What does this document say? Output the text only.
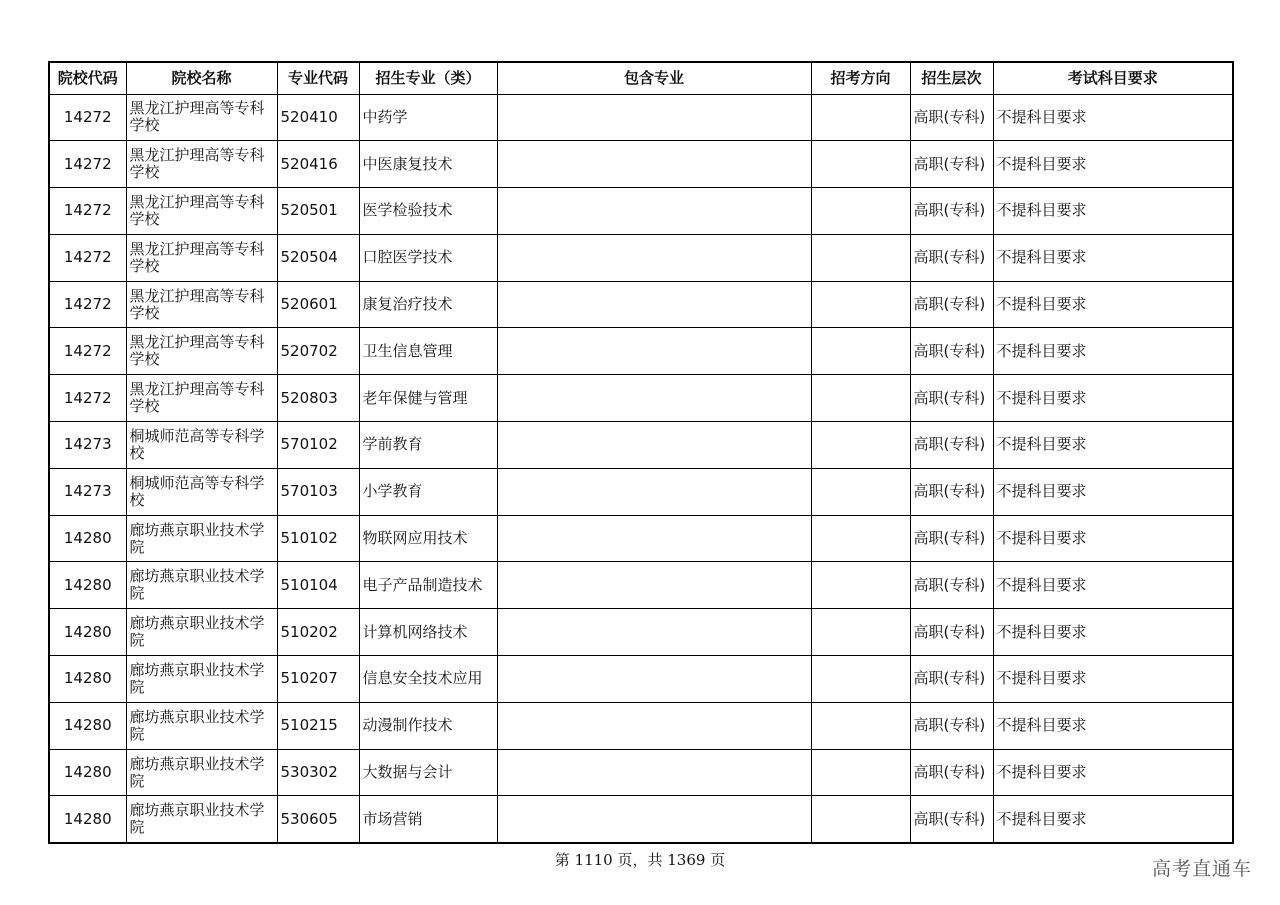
院校代码	院校名称	专业代码	招生专业（类）	包含专业	招考方向	招生层次	考试科目要求
14272	黑龙江护理高等专科学校	520410	中药学			高职(专科)	不提科目要求
14272	黑龙江护理高等专科学校	520416	中医康复技术			高职(专科)	不提科目要求
14272	黑龙江护理高等专科学校	520501	医学检验技术			高职(专科)	不提科目要求
14272	黑龙江护理高等专科学校	520504	口腔医学技术			高职(专科)	不提科目要求
14272	黑龙江护理高等专科学校	520601	康复治疗技术			高职(专科)	不提科目要求
14272	黑龙江护理高等专科学校	520702	卫生信息管理			高职(专科)	不提科目要求
14272	黑龙江护理高等专科学校	520803	老年保健与管理			高职(专科)	不提科目要求
14273	桐城师范高等专科学校	570102	学前教育			高职(专科)	不提科目要求
14273	桐城师范高等专科学校	570103	小学教育			高职(专科)	不提科目要求
14280	廊坊燕京职业技术学院	510102	物联网应用技术			高职(专科)	不提科目要求
14280	廊坊燕京职业技术学院	510104	电子产品制造技术			高职(专科)	不提科目要求
14280	廊坊燕京职业技术学院	510202	计算机网络技术			高职(专科)	不提科目要求
14280	廊坊燕京职业技术学院	510207	信息安全技术应用			高职(专科)	不提科目要求
14280	廊坊燕京职业技术学院	510215	动漫制作技术			高职(专科)	不提科目要求
14280	廊坊燕京职业技术学院	530302	大数据与会计			高职(专科)	不提科目要求
14280	廊坊燕京职业技术学院	530605	市场营销			高职(专科)	不提科目要求
第 1110 页，共 1369 页	高考直通车
